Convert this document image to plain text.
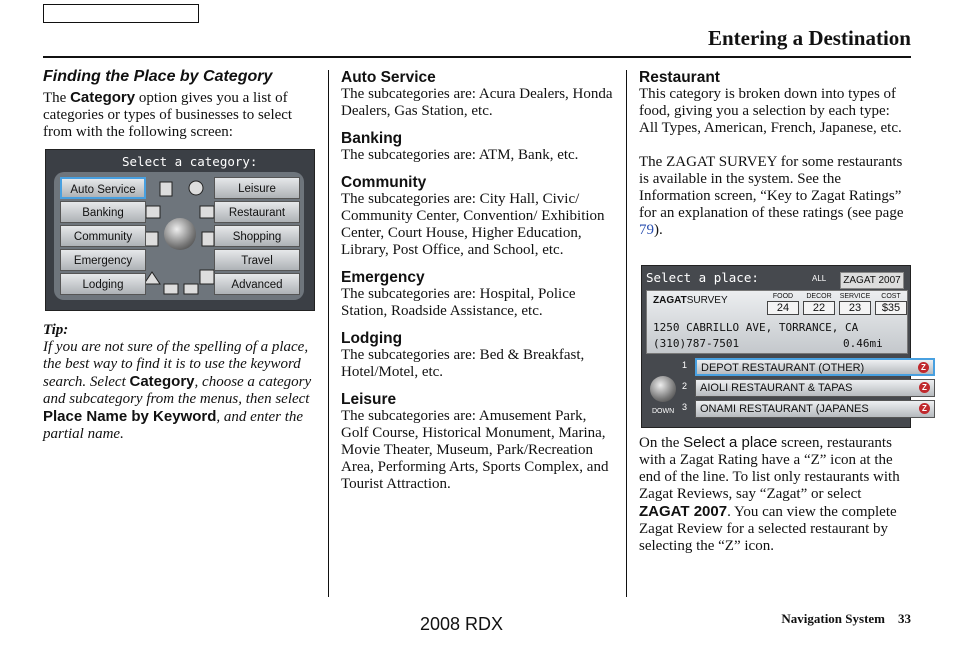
Entering a Destination
Finding the Place by Category

The Category option gives you a list of categories or types of businesses to select from with the following screen:

Select a category:
Auto Service
Banking
Community
Emergency
Lodging
Leisure
Restaurant
Shopping
Travel
Advanced
Tip:

If you are not sure of the spelling of a place, the best way to find it is to use the keyword search. Select Category, choose a category and subcategory from the menus, then select Place Name by Keyword, and enter the partial name.

Auto Service

The subcategories are: Acura Dealers, Honda Dealers, Gas Station, etc.

Banking

The subcategories are: ATM, Bank, etc.

Community

The subcategories are: City Hall, Civic/ Community Center, Convention/ Exhibition Center, Court House, Higher Education, Library, Post Office, and School, etc.

Emergency

The subcategories are: Hospital, Police Station, Roadside Assistance, etc.

Lodging

The subcategories are: Bed & Breakfast, Hotel/Motel, etc.

Leisure

The subcategories are: Amusement Park, Golf Course, Historical Monument, Marina, Movie Theater, Museum, Park/Recreation Area, Performing Arts, Sports Complex, and Tourist Attraction.

Restaurant

This category is broken down into types of food, giving you a selection by each type: All Types, American, French, Japanese, etc.

The ZAGAT SURVEY for some restaurants is available in the system. See the Information screen, “Key to Zagat Ratings” for an explanation of these ratings (see page 79).

Select a place:	ALL	ZAGAT 2007
ZAGATSURVEY
1250 CABRILLO AVE, TORRANCE, CA
(310)787-7501	0.46mi
FOOD
24
DECOR
22
SERVICE
23
COST
$35
DOWN
1	DEPOT RESTAURANT (OTHER)	Z
2	AIOLI RESTAURANT & TAPAS	Z
3	ONAMI RESTAURANT (JAPANES	Z

On the Select a place screen, restaurants with a Zagat Rating have a “Z” icon at the end of the line. To list only restaurants with Zagat Reviews, say “Zagat” or select ZAGAT 2007. You can view the complete Zagat Review for a selected restaurant by selecting the “Z” icon.

2008 RDX	Navigation System 33
